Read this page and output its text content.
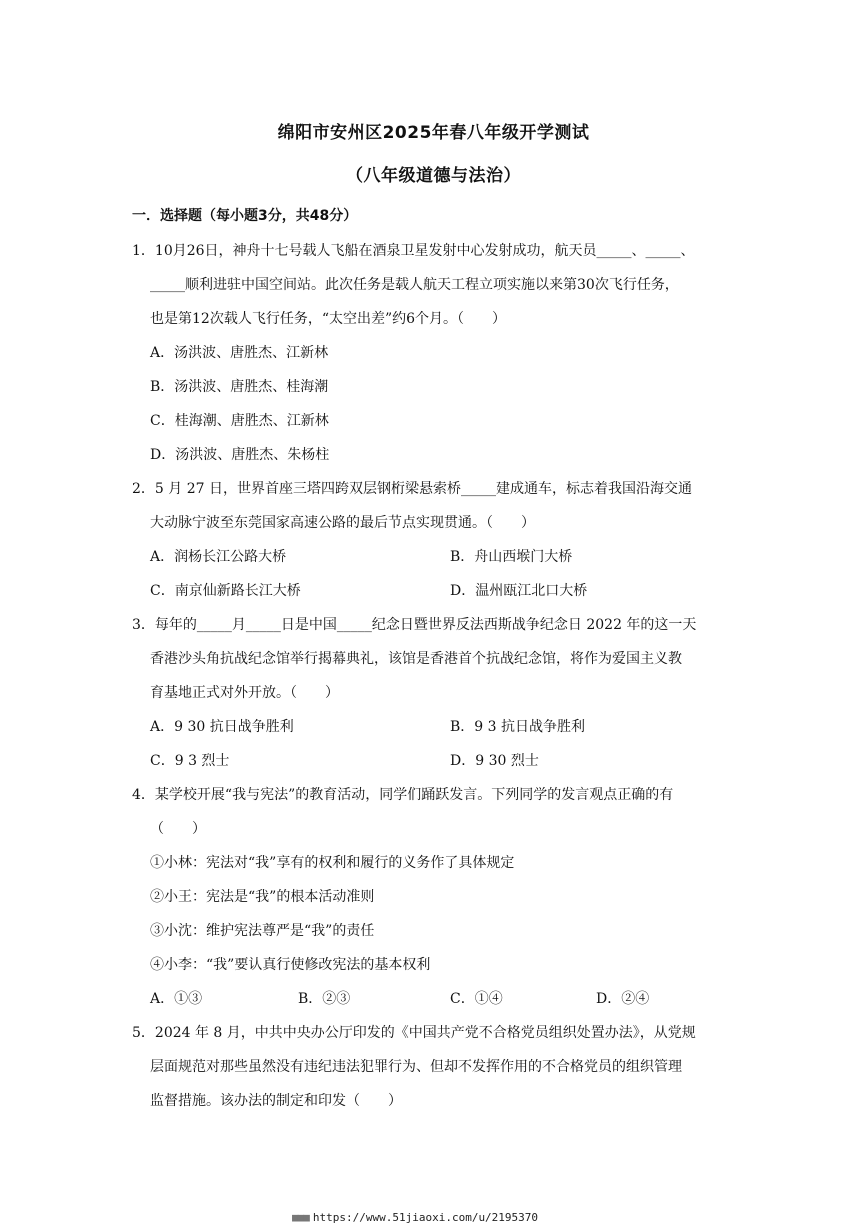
绵阳市安州区2025年春八年级开学测试
（八年级道德与法治）
一．选择题（每小题3分，共48分）
1．10月26日，神舟十七号载人飞船在酒泉卫星发射中心发射成功，航天员_____、_____、
_____顺利进驻中国空间站。此次任务是载人航天工程立项实施以来第30次飞行任务，
也是第12次载人飞行任务，“太空出差”约6个月。（　　）
A．汤洪波、唐胜杰、江新林
B．汤洪波、唐胜杰、桂海潮
C．桂海潮、唐胜杰、江新林
D．汤洪波、唐胜杰、朱杨柱
2．5 月 27 日，世界首座三塔四跨双层钢桁梁悬索桥_____建成通车，标志着我国沿海交通
大动脉宁波至东莞国家高速公路的最后节点实现贯通。（　　）
A．润杨长江公路大桥	B．舟山西堠门大桥
C．南京仙新路长江大桥	D．温州瓯江北口大桥
3．每年的_____月_____日是中国_____纪念日暨世界反法西斯战争纪念日 2022 年的这一天
香港沙头角抗战纪念馆举行揭幕典礼，该馆是香港首个抗战纪念馆，将作为爱国主义教
育基地正式对外开放。（　　）
A．9 30 抗日战争胜利	B．9 3 抗日战争胜利
C．9 3 烈士	D．9 30 烈士
4．某学校开展“我与宪法”的教育活动，同学们踊跃发言。下列同学的发言观点正确的有
（　　）
①小林：宪法对“我”享有的权利和履行的义务作了具体规定
②小王：宪法是“我”的根本活动准则
③小沈：维护宪法尊严是“我”的责任
④小李：“我”要认真行使修改宪法的基本权利
A．①③	B．②③	C．①④	D．②④
5．2024 年 8 月，中共中央办公厅印发的《中国共产党不合格党员组织处置办法》，从党规
层面规范对那些虽然没有违纪违法犯罪行为、但却不发挥作用的不合格党员的组织管理
监督措施。该办法的制定和印发（　　）
■■■ https://www.51jiaoxi.com/u/2195370
